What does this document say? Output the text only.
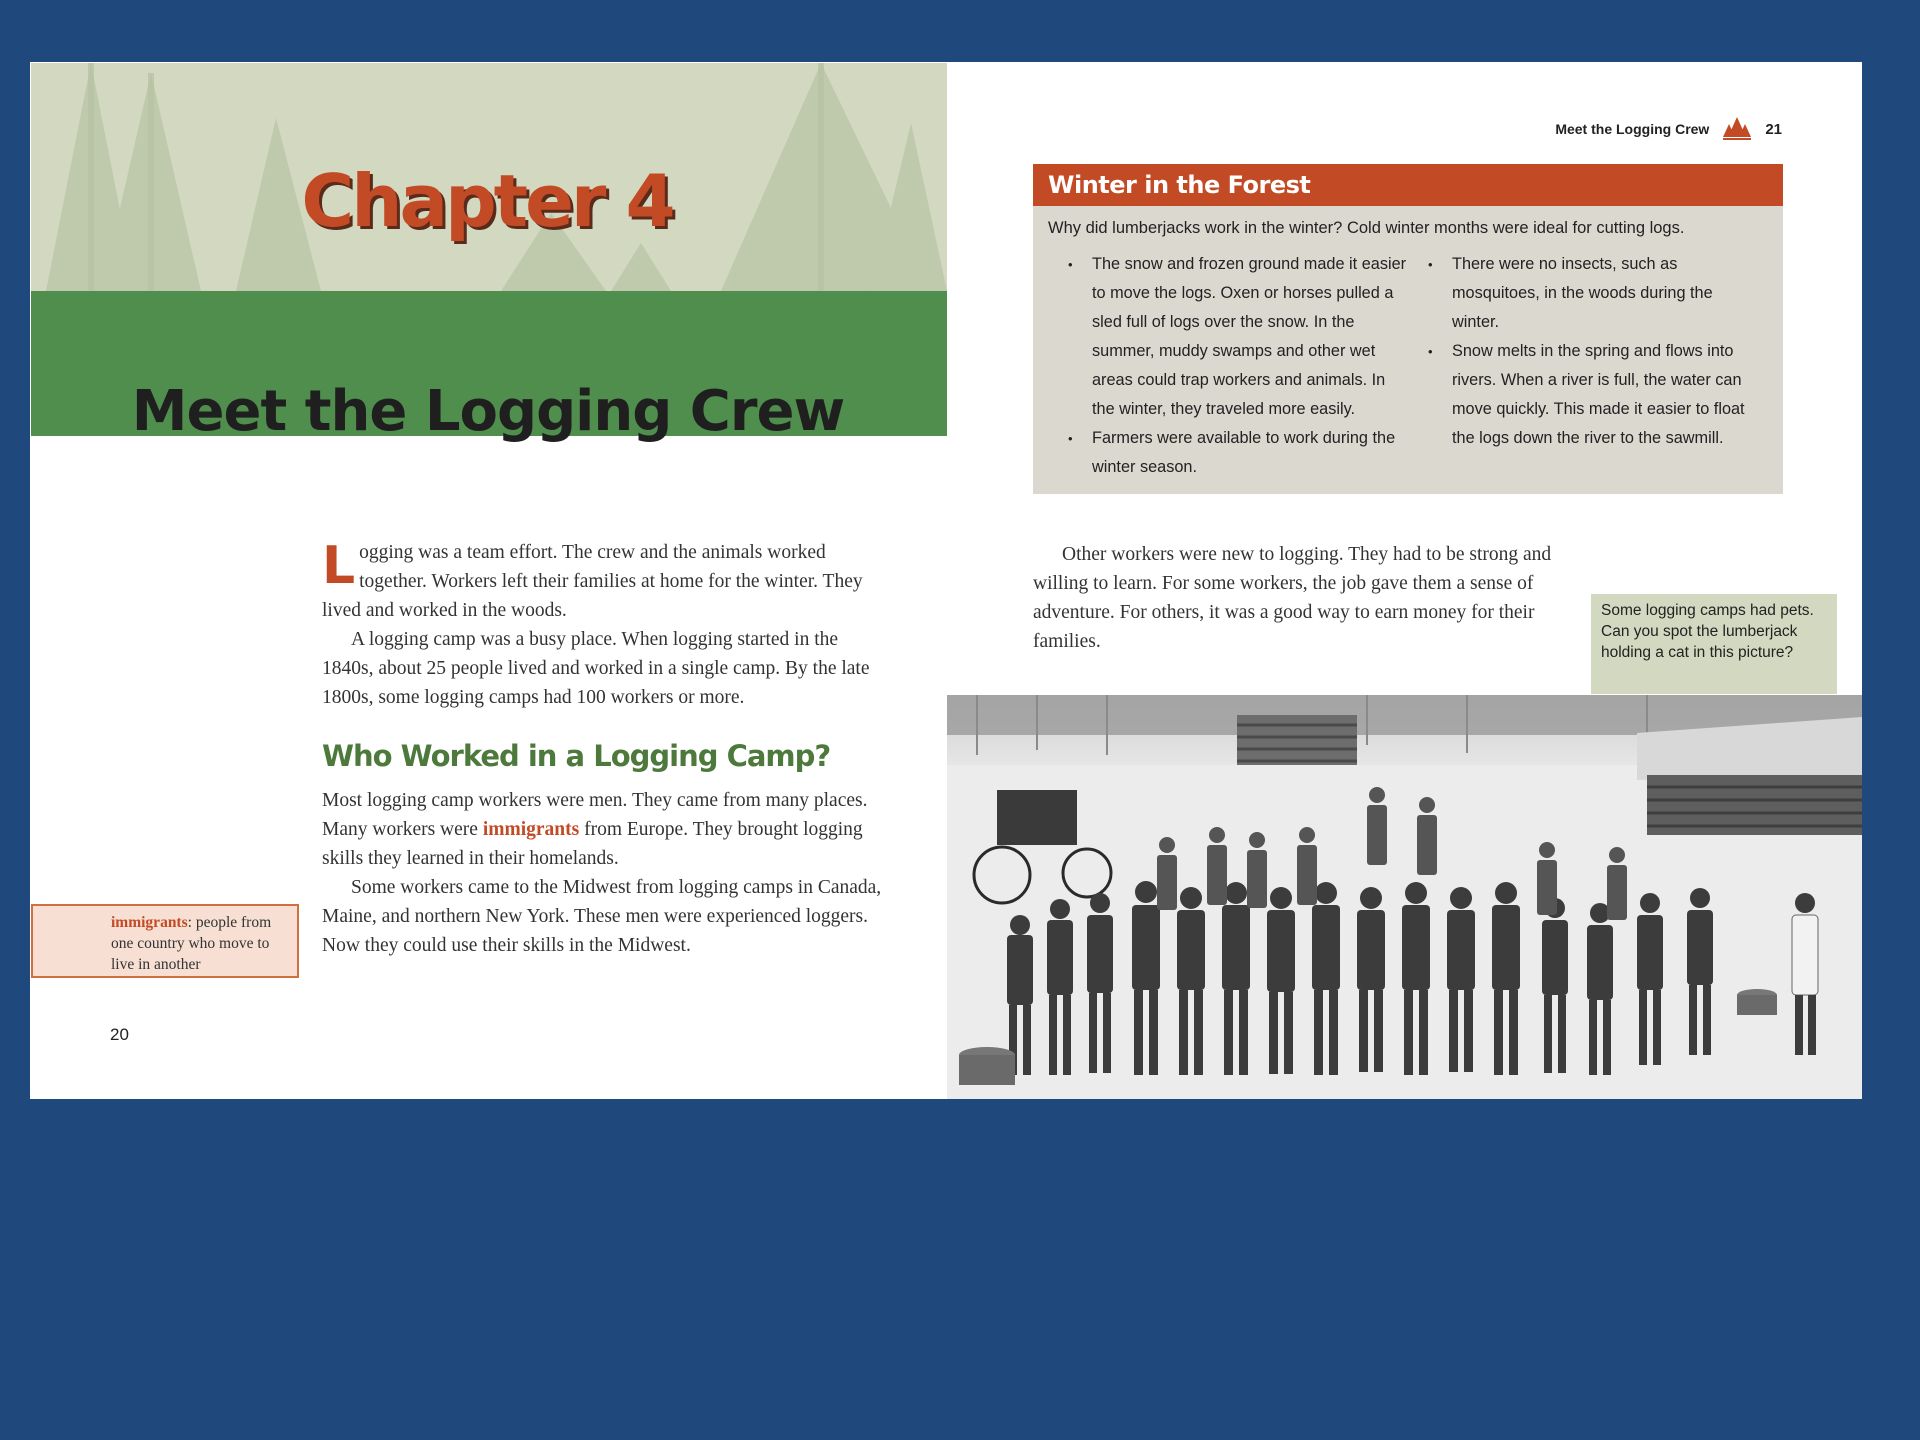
Chapter 4
Meet the Logging Crew

Logging was a team effort. The crew and the animals worked together. Workers left their families at home for the winter. They lived and worked in the woods.

A logging camp was a busy place. When logging started in the 1840s, about 25 people lived and worked in a single camp. By the late 1800s, some logging camps had 100 workers or more.

Who Worked in a Logging Camp?

Most logging camp workers were men. They came from many places. Many workers were immigrants from Europe. They brought logging skills they learned in their homelands.

Some workers came to the Midwest from logging camps in Canada, Maine, and northern New York. These men were experienced loggers. Now they could use their skills in the Midwest.

immigrants: people from one country who move to live in another
20
Meet the Logging Crew	21
Winter in the Forest
Why did lumberjacks work in the winter? Cold winter months were ideal for cutting logs.
• The snow and frozen ground made it easier to move the logs. Oxen or horses pulled a sled full of logs over the snow. In the summer, muddy swamps and other wet areas could trap workers and animals. In the winter, they traveled more easily.
• Farmers were available to work during the winter season.
• There were no insects, such as mosquitoes, in the woods during the winter.
• Snow melts in the spring and flows into rivers. When a river is full, the water can move quickly. This made it easier to float the logs down the river to the sawmill.

Other workers were new to logging. They had to be strong and willing to learn. For some workers, the job gave them a sense of adventure. For others, it was a good way to earn money for their families.

Some logging camps had pets. Can you spot the lumberjack holding a cat in this picture?
